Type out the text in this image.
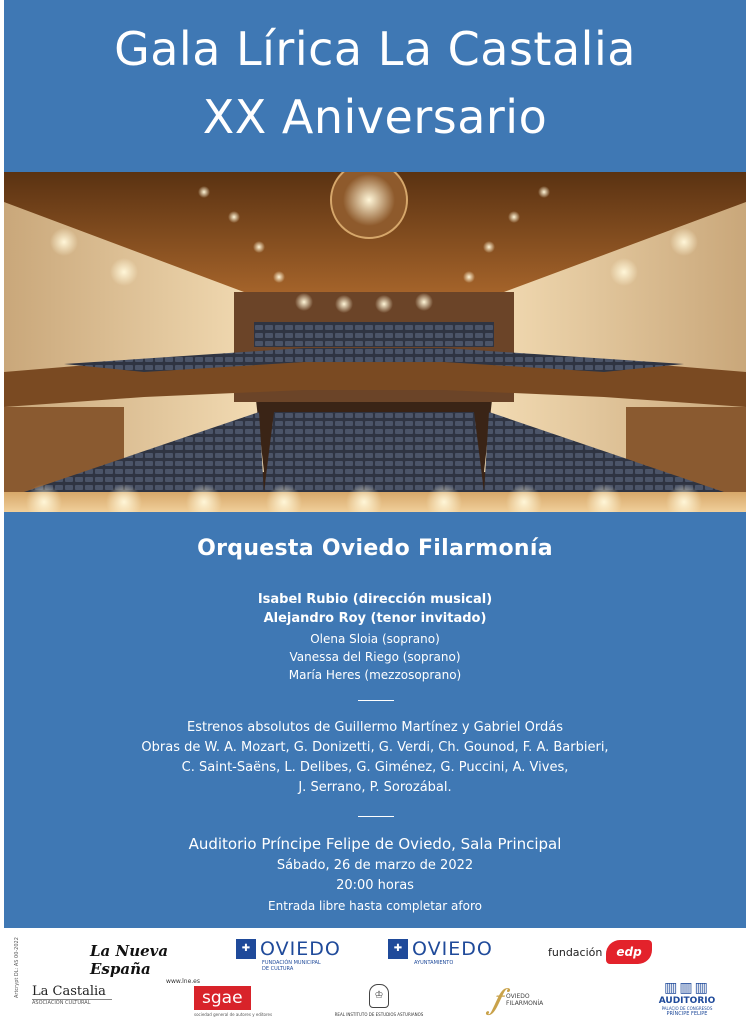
Gala Lírica La Castalia
XX Aniversario
Orquesta Oviedo Filarmonía
Isabel Rubio (dirección musical)
Alejandro Roy (tenor invitado)
Olena Sloia (soprano)
Vanessa del Riego (soprano)
María Heres (mezzosoprano)
Estrenos absolutos de Guillermo Martínez y Gabriel Ordás
Obras de W. A. Mozart, G. Donizetti, G. Verdi, Ch. Gounod, F. A. Barbieri,
C. Saint-Saëns, L. Delibes, G. Giménez, G. Puccini, A. Vives,
J. Serrano, P. Sorozábal.
Auditorio Príncipe Felipe de Oviedo, Sala Principal
Sábado, 26 de marzo de 2022
20:00 horas
Entrada libre hasta completar aforo
Artcrypt DL: AS 00-2022	La Nueva España
www.lne.es
✚ OVIEDO
FUNDACIÓN MUNICIPAL
DE CULTURA
✚ OVIEDO
AYUNTAMIENTO
fundación	edp
La Castalia
ASOCIACIÓN CULTURAL	sgae
sociedad general de autores y editores
♔
REAL INSTITUTO DE ESTUDIOS ASTURIANOS 𝆑 OVIEDO
FILARMONÍA
▥▥▥
AUDITORIO
PALACIO DE CONGRESOS
PRÍNCIPE FELIPE
